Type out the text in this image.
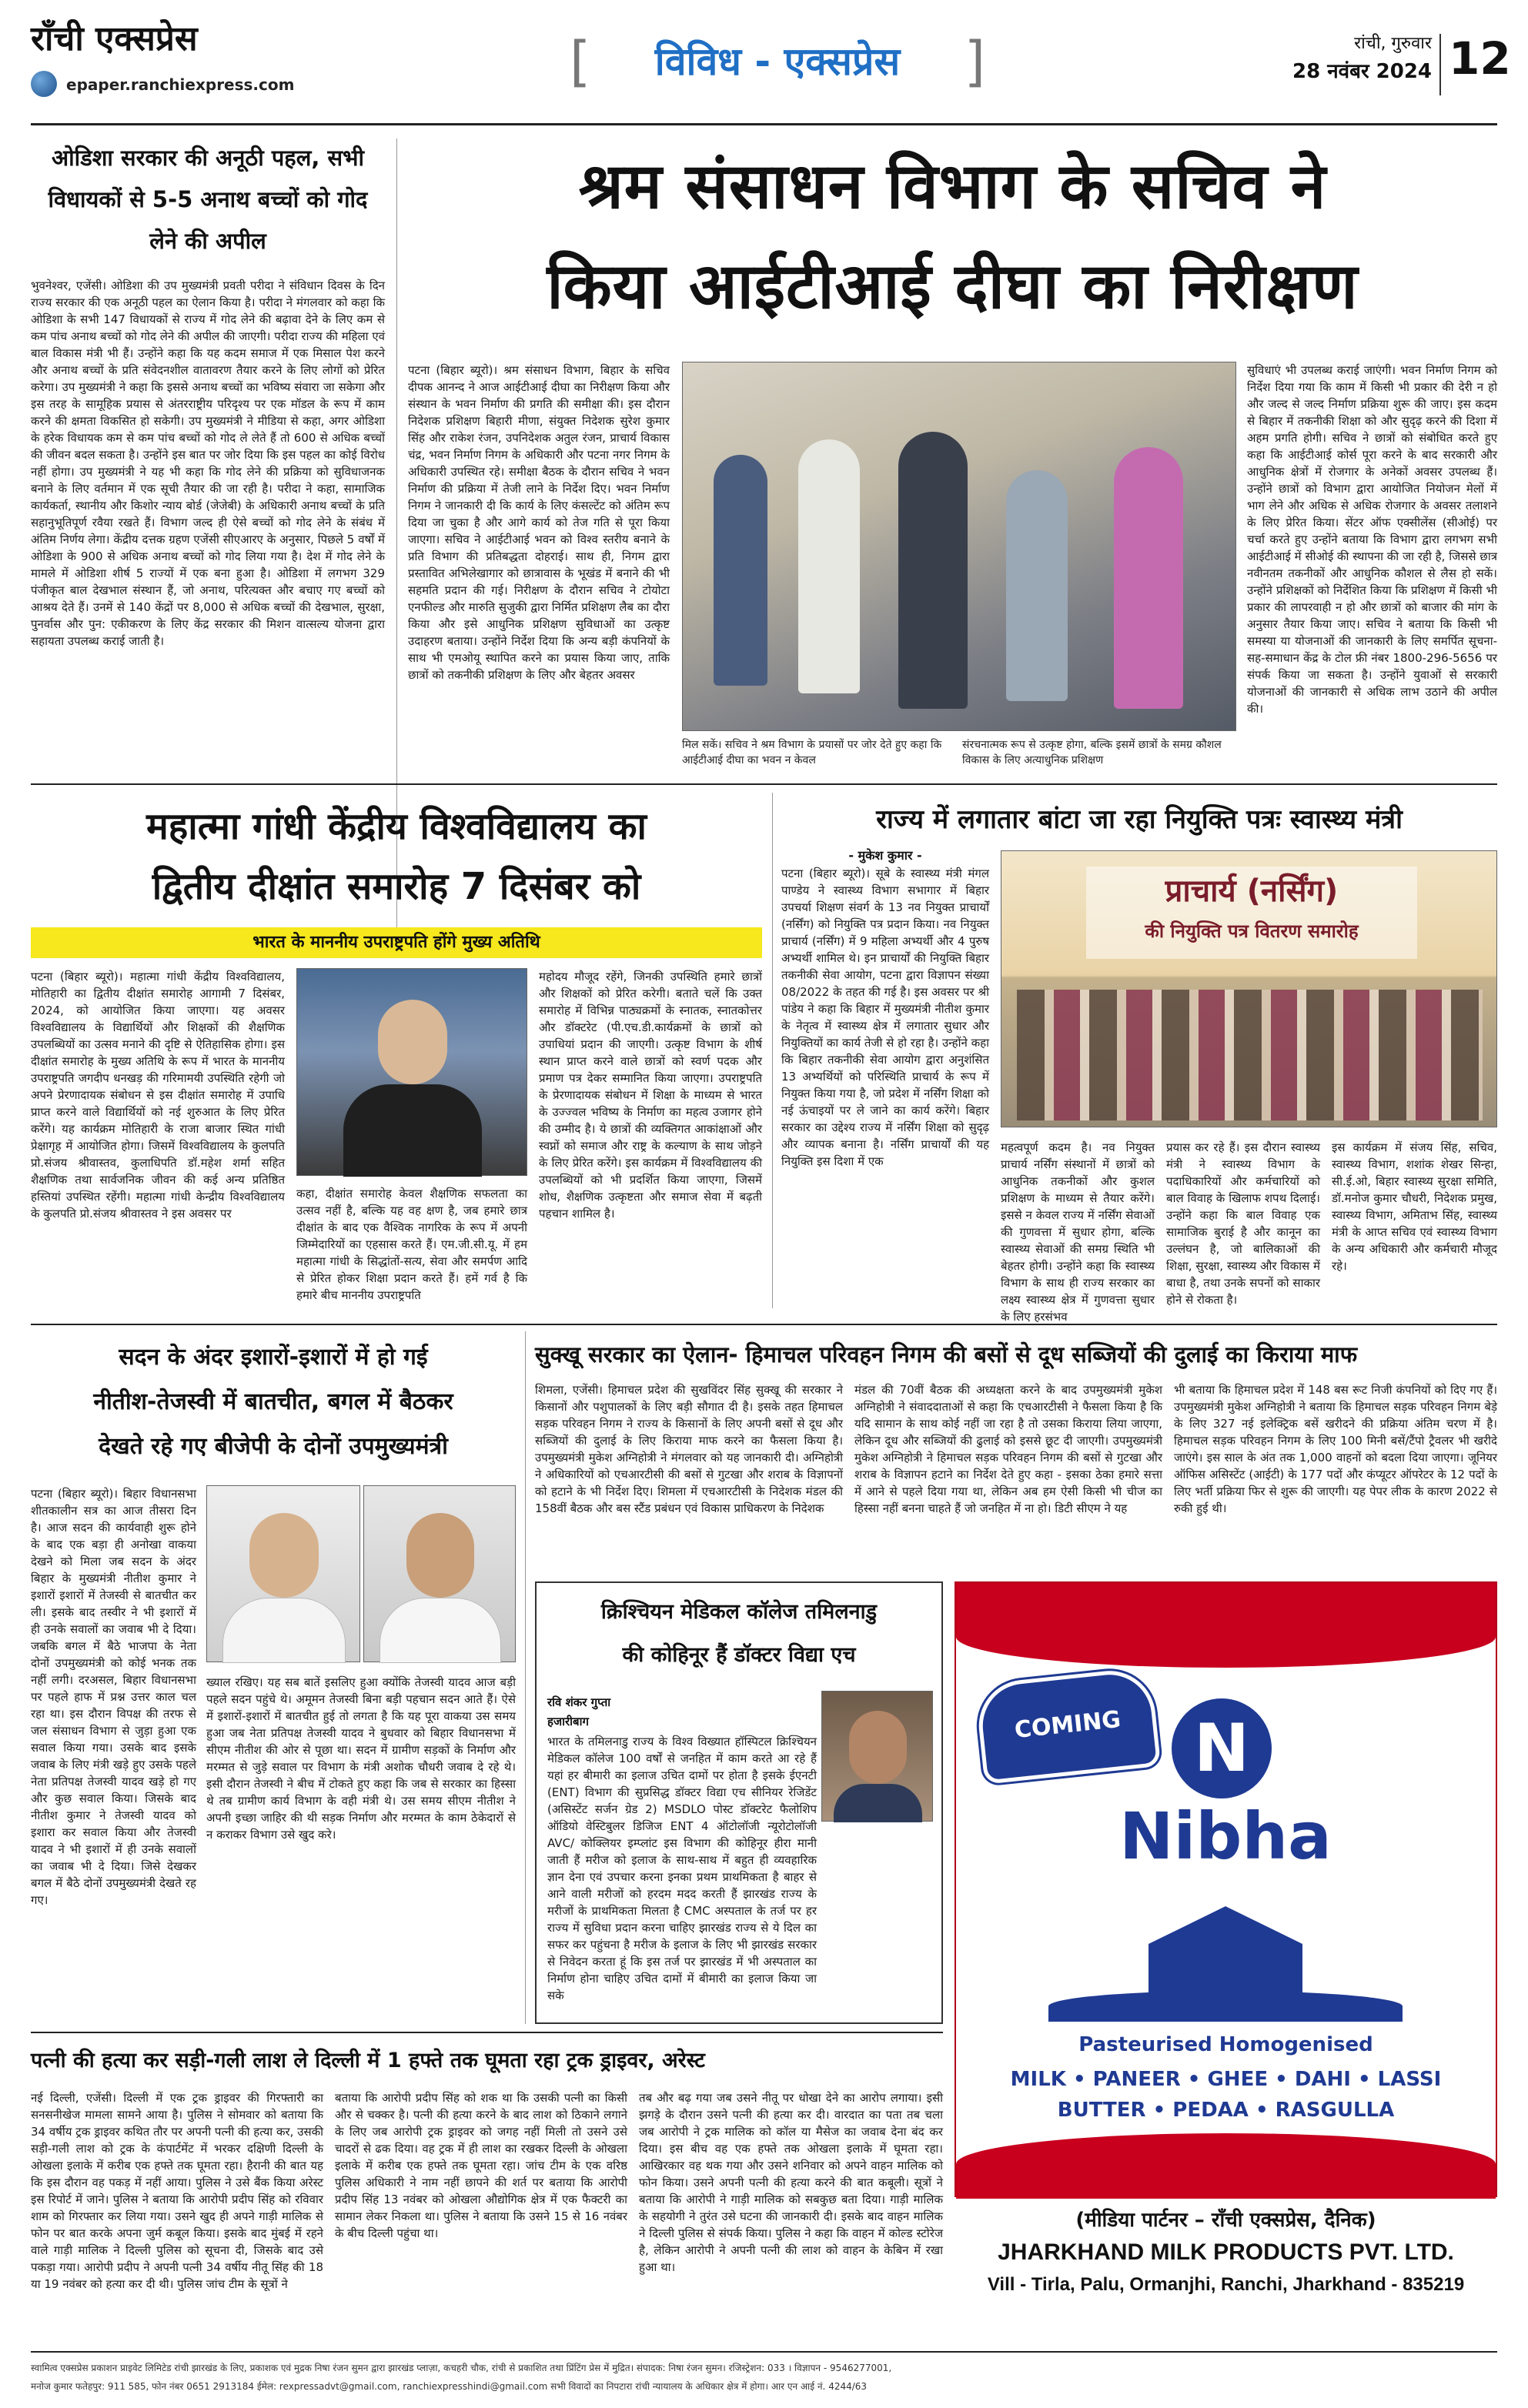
राँची एक्सप्रेस
epaper.ranchiexpress.com	[ विविध - एक्सप्रेस ]	रांची, गुरुवार
28 नवंबर 2024 12
ओडिशा सरकार की अनूठी पहल, सभी विधायकों से 5-5 अनाथ बच्चों को गोद लेने की अपील
भुवनेश्वर, एजेंसी। ओडिशा की उप मुख्यमंत्री प्रवती परीदा ने संविधान दिवस के दिन राज्य सरकार की एक अनूठी पहल का ऐलान किया है। परीदा ने मंगलवार को कहा कि ओडिशा के सभी 147 विधायकों से राज्य में गोद लेने की बढ़ावा देने के लिए कम से कम पांच अनाथ बच्चों को गोद लेने की अपील की जाएगी। परीदा राज्य की महिला एवं बाल विकास मंत्री भी हैं। उन्होंने कहा कि यह कदम समाज में एक मिसाल पेश करने और अनाथ बच्चों के प्रति संवेदनशील वातावरण तैयार करने के लिए लोगों को प्रेरित करेगा। उप मुख्यमंत्री ने कहा कि इससे अनाथ बच्चों का भविष्य संवारा जा सकेगा और इस तरह के सामूहिक प्रयास से अंतरराष्ट्रीय परिदृश्य पर एक मॉडल के रूप में काम करने की क्षमता विकसित हो सकेगी। उप मुख्यमंत्री ने मीडिया से कहा, अगर ओडिशा के हरेक विधायक कम से कम पांच बच्चों को गोद ले लेते हैं तो 600 से अधिक बच्चों की जीवन बदल सकता है। उन्होंने इस बात पर जोर दिया कि इस पहल का कोई विरोध नहीं होगा। उप मुख्यमंत्री ने यह भी कहा कि गोद लेने की प्रक्रिया को सुविधाजनक बनाने के लिए वर्तमान में एक सूची तैयार की जा रही है। परीदा ने कहा, सामाजिक कार्यकर्ता, स्थानीय और किशोर न्याय बोर्ड (जेजेबी) के अधिकारी अनाथ बच्चों के प्रति सहानुभूतिपूर्ण रवैया रखते हैं। विभाग जल्द ही ऐसे बच्चों को गोद लेने के संबंध में अंतिम निर्णय लेगा। केंद्रीय दत्तक ग्रहण एजेंसी सीएआरए के अनुसार, पिछले 5 वर्षों में ओडिशा के 900 से अधिक अनाथ बच्चों को गोद लिया गया है। देश में गोद लेने के मामले में ओडिशा शीर्ष 5 राज्यों में एक बना हुआ है। ओडिशा में लगभग 329 पंजीकृत बाल देखभाल संस्थान हैं, जो अनाथ, परित्यक्त और बचाए गए बच्चों को आश्रय देते हैं। उनमें से 140 केंद्रों पर 8,000 से अधिक बच्चों की देखभाल, सुरक्षा, पुनर्वास और पुन: एकीकरण के लिए केंद्र सरकार की मिशन वात्सल्य योजना द्वारा सहायता उपलब्ध कराई जाती है।
श्रम संसाधन विभाग के सचिव ने
किया आईटीआई दीघा का निरीक्षण
पटना (बिहार ब्यूरो)। श्रम संसाधन विभाग, बिहार के सचिव दीपक आनन्द ने आज आईटीआई दीघा का निरीक्षण किया और संस्थान के भवन निर्माण की प्रगति की समीक्षा की। इस दौरान निदेशक प्रशिक्षण बिहारी मीणा, संयुक्त निदेशक सुरेश कुमार सिंह और राकेश रंजन, उपनिदेशक अतुल रंजन, प्राचार्य विकास चंद्र, भवन निर्माण निगम के अधिकारी और पटना नगर निगम के अधिकारी उपस्थित रहे। समीक्षा बैठक के दौरान सचिव ने भवन निर्माण की प्रक्रिया में तेजी लाने के निर्देश दिए। भवन निर्माण निगम ने जानकारी दी कि कार्य के लिए कंसल्टेंट को अंतिम रूप दिया जा चुका है और आगे कार्य को तेज गति से पूरा किया जाएगा। सचिव ने आईटीआई भवन को विश्व स्तरीय बनाने के प्रति विभाग की प्रतिबद्धता दोहराई। साथ ही, निगम द्वारा प्रस्तावित अभिलेखागार को छात्रावास के भूखंड में बनाने की भी सहमति प्रदान की गई। निरीक्षण के दौरान सचिव ने टोयोटा एनफील्ड और मारुति सुजुकी द्वारा निर्मित प्रशिक्षण लैब का दौरा किया और इसे आधुनिक प्रशिक्षण सुविधाओं का उत्कृष्ट उदाहरण बताया। उन्होंने निर्देश दिया कि अन्य बड़ी कंपनियों के साथ भी एमओयू स्थापित करने का प्रयास किया जाए, ताकि छात्रों को तकनीकी प्रशिक्षण के लिए और बेहतर अवसर
मिल सकें। सचिव ने श्रम विभाग के प्रयासों पर जोर देते हुए कहा कि आईटीआई दीघा का भवन न केवल
संरचनात्मक रूप से उत्कृष्ट होगा, बल्कि इसमें छात्रों के समग्र कौशल विकास के लिए अत्याधुनिक प्रशिक्षण
सुविधाएं भी उपलब्ध कराई जाएंगी। भवन निर्माण निगम को निर्देश दिया गया कि काम में किसी भी प्रकार की देरी न हो और जल्द से जल्द निर्माण प्रक्रिया शुरू की जाए। इस कदम से बिहार में तकनीकी शिक्षा को और सुदृढ़ करने की दिशा में अहम प्रगति होगी। सचिव ने छात्रों को संबोधित करते हुए कहा कि आईटीआई कोर्स पूरा करने के बाद सरकारी और आधुनिक क्षेत्रों में रोजगार के अनेकों अवसर उपलब्ध हैं। उन्होंने छात्रों को विभाग द्वारा आयोजित नियोजन मेलों में भाग लेने और अधिक से अधिक रोजगार के अवसर तलाशने के लिए प्रेरित किया। सेंटर ऑफ एक्सीलेंस (सीओई) पर चर्चा करते हुए उन्होंने बताया कि विभाग द्वारा लगभग सभी आईटीआई में सीओई की स्थापना की जा रही है, जिससे छात्र नवीनतम तकनीकों और आधुनिक कौशल से लैस हो सकें। उन्होंने प्रशिक्षकों को निर्देशित किया कि प्रशिक्षण में किसी भी प्रकार की लापरवाही न हो और छात्रों को बाजार की मांग के अनुसार तैयार किया जाए। सचिव ने बताया कि किसी भी समस्या या योजनाओं की जानकारी के लिए समर्पित सूचना-सह-समाधान केंद्र के टोल फ्री नंबर 1800-296-5656 पर संपर्क किया जा सकता है। उन्होंने युवाओं से सरकारी योजनाओं की जानकारी से अधिक लाभ उठाने की अपील की।
महात्मा गांधी केंद्रीय विश्वविद्यालय का
द्वितीय दीक्षांत समारोह 7 दिसंबर को
भारत के माननीय उपराष्ट्रपति होंगे मुख्य अतिथि
पटना (बिहार ब्यूरो)। महात्मा गांधी केंद्रीय विश्वविद्यालय, मोतिहारी का द्वितीय दीक्षांत समारोह आगामी 7 दिसंबर, 2024, को आयोजित किया जाएगा। यह अवसर विश्वविद्यालय के विद्यार्थियों और शिक्षकों की शैक्षणिक उपलब्धियों का उत्सव मनाने की दृष्टि से ऐतिहासिक होगा। इस दीक्षांत समारोह के मुख्य अतिथि के रूप में भारत के माननीय उपराष्ट्रपति जगदीप धनखड़ की गरिमामयी उपस्थिति रहेगी जो अपने प्रेरणादायक संबोधन से इस दीक्षांत समारोह में उपाधि प्राप्त करने वाले विद्यार्थियों को नई शुरुआत के लिए प्रेरित करेंगे। यह कार्यक्रम मोतिहारी के राजा बाजार स्थित गांधी प्रेक्षागृह में आयोजित होगा। जिसमें विश्वविद्यालय के कुलपति प्रो.संजय श्रीवास्तव, कुलाधिपति डॉ.महेश शर्मा सहित शैक्षणिक तथा सार्वजनिक जीवन की कई अन्य प्रतिष्ठित हस्तियां उपस्थित रहेंगी। महात्मा गांधी केन्द्रीय विश्वविद्यालय के कुलपति प्रो.संजय श्रीवास्तव ने इस अवसर पर
कहा, दीक्षांत समारोह केवल शैक्षणिक सफलता का उत्सव नहीं है, बल्कि यह वह क्षण है, जब हमारे छात्र दीक्षांत के बाद एक वैश्विक नागरिक के रूप में अपनी जिम्मेदारियों का एहसास करते हैं। एम.जी.सी.यू. में हम महात्मा गांधी के सिद्धांतों-सत्य, सेवा और समर्पण आदि से प्रेरित होकर शिक्षा प्रदान करते हैं। हमें गर्व है कि हमारे बीच माननीय उपराष्ट्रपति
महोदय मौजूद रहेंगे, जिनकी उपस्थिति हमारे छात्रों और शिक्षकों को प्रेरित करेगी। बताते चलें कि उक्त समारोह में विभिन्न पाठ्यक्रमों के स्नातक, स्नातकोत्तर और डॉक्टरेट (पी.एच.डी.कार्यक्रमों के छात्रों को उपाधियां प्रदान की जाएगी। उत्कृष्ट विभाग के शीर्ष स्थान प्राप्त करने वाले छात्रों को स्वर्ण पदक और प्रमाण पत्र देकर सम्मानित किया जाएगा। उपराष्ट्रपति के प्रेरणादायक संबोधन में शिक्षा के माध्यम से भारत के उज्ज्वल भविष्य के निर्माण का महत्व उजागर होने की उम्मीद है। ये छात्रों की व्यक्तिगत आकांक्षाओं और स्वप्नों को समाज और राष्ट्र के कल्याण के साथ जोड़ने के लिए प्रेरित करेंगे। इस कार्यक्रम में विश्वविद्यालय की उपलब्धियों को भी प्रदर्शित किया जाएगा, जिसमें शोध, शैक्षणिक उत्कृष्टता और समाज सेवा में बढ़ती पहचान शामिल है।
राज्य में लगातार बांटा जा रहा नियुक्ति पत्रः स्वास्थ्य मंत्री
- मुकेश कुमार -
पटना (बिहार ब्यूरो)। सूबे के स्वास्थ्य मंत्री मंगल पाण्डेय ने स्वास्थ्य विभाग सभागार में बिहार उपचर्या शिक्षण संवर्ग के 13 नव नियुक्त प्राचार्यों (नर्सिंग) को नियुक्ति पत्र प्रदान किया। नव नियुक्त प्राचार्य (नर्सिंग) में 9 महिला अभ्यर्थी और 4 पुरुष अभ्यर्थी शामिल थे। इन प्राचार्यों की नियुक्ति बिहार तकनीकी सेवा आयोग, पटना द्वारा विज्ञापन संख्या 08/2022 के तहत की गई है। इस अवसर पर श्री पांडेय ने कहा कि बिहार में मुख्यमंत्री नीतीश कुमार के नेतृत्व में स्वास्थ्य क्षेत्र में लगातार सुधार और नियुक्तियों का कार्य तेजी से हो रहा है। उन्होंने कहा कि बिहार तकनीकी सेवा आयोग द्वारा अनुशंसित 13 अभ्यर्थियों को परिस्थिति प्राचार्य के रूप में नियुक्त किया गया है, जो प्रदेश में नर्सिंग शिक्षा को नई ऊंचाइयों पर ले जाने का कार्य करेंगे। बिहार सरकार का उद्देश्य राज्य में नर्सिंग शिक्षा को सुदृढ़ और व्यापक बनाना है। नर्सिंग प्राचार्यों की यह नियुक्ति इस दिशा में एक
प्राचार्य (नर्सिंग)
की नियुक्ति पत्र वितरण समारोह
महत्वपूर्ण कदम है। नव नियुक्त प्राचार्य नर्सिंग संस्थानों में छात्रों को आधुनिक तकनीकों और कुशल प्रशिक्षण के माध्यम से तैयार करेंगे। इससे न केवल राज्य में नर्सिंग सेवाओं की गुणवत्ता में सुधार होगा, बल्कि स्वास्थ्य सेवाओं की समग्र स्थिति भी बेहतर होगी। उन्होंने कहा कि स्वास्थ्य विभाग के साथ ही राज्य सरकार का लक्ष्य स्वास्थ्य क्षेत्र में गुणवत्ता सुधार के लिए हरसंभव
प्रयास कर रहे हैं। इस दौरान स्वास्थ्य मंत्री ने स्वास्थ्य विभाग के पदाधिकारियों और कर्मचारियों को बाल विवाह के खिलाफ शपथ दिलाई। उन्होंने कहा कि बाल विवाह एक सामाजिक बुराई है और कानून का उल्लंघन है, जो बालिकाओं की शिक्षा, सुरक्षा, स्वास्थ्य और विकास में बाधा है, तथा उनके सपनों को साकार होने से रोकता है।
इस कार्यक्रम में संजय सिंह, सचिव, स्वास्थ्य विभाग, शशांक शेखर सिन्हा, सी.ई.ओ, बिहार स्वास्थ्य सुरक्षा समिति, डॉ.मनोज कुमार चौधरी, निदेशक प्रमुख, स्वास्थ्य विभाग, अमिताभ सिंह, स्वास्थ्य मंत्री के आप्त सचिव एवं स्वास्थ्य विभाग के अन्य अधिकारी और कर्मचारी मौजूद रहे।
सदन के अंदर इशारों-इशारों में हो गई
नीतीश-तेजस्वी में बातचीत, बगल में बैठकर
देखते रहे गए बीजेपी के दोनों उपमुख्यमंत्री
पटना (बिहार ब्यूरो)। बिहार विधानसभा शीतकालीन सत्र का आज तीसरा दिन है। आज सदन की कार्यवाही शुरू होने के बाद एक बड़ा ही अनोखा वाकया देखने को मिला जब सदन के अंदर बिहार के मुख्यमंत्री नीतीश कुमार ने इशारों इशारों में तेजस्वी से बातचीत कर ली। इसके बाद तस्वीर ने भी इशारों में ही उनके सवालों का जवाब भी दे दिया। जबकि बगल में बैठे भाजपा के नेता दोनों उपमुख्यमंत्री को कोई भनक तक नहीं लगी। दरअसल, बिहार विधानसभा पर पहले हाफ में प्रश्न उत्तर काल चल रहा था। इस दौरान विपक्ष की तरफ से जल संसाधन विभाग से जुड़ा हुआ एक सवाल किया गया। उसके बाद इसके जवाब के लिए मंत्री खड़े हुए उसके पहले नेता प्रतिपक्ष तेजस्वी यादव खड़े हो गए और कुछ सवाल किया। जिसके बाद नीतीश कुमार ने तेजस्वी यादव को इशारा कर सवाल किया और तेजस्वी यादव ने भी इशारों में ही उनके सवालों का जवाब भी दे दिया। जिसे देखकर बगल में बैठे दोनों उपमुख्यमंत्री देखते रह गए।
ख्याल रखिए। यह सब बातें इसलिए हुआ क्योंकि तेजस्वी यादव आज बड़ी पहले सदन पहुंचे थे। अमूमन तेजस्वी बिना बड़ी पहचान सदन आते हैं। ऐसे में इशारों-इशारों में बातचीत हुई तो लगता है कि यह पूरा वाकया उस समय हुआ जब नेता प्रतिपक्ष तेजस्वी यादव ने बुधवार को बिहार विधानसभा में सीएम नीतीश की ओर से पूछा था। सदन में ग्रामीण सड़कों के निर्माण और मरम्मत से जुड़े सवाल पर विभाग के मंत्री अशोक चौधरी जवाब दे रहे थे। इसी दौरान तेजस्वी ने बीच में टोकते हुए कहा कि जब से सरकार का हिस्सा थे तब ग्रामीण कार्य विभाग के वही मंत्री थे। उस समय सीएम नीतीश ने अपनी इच्छा जाहिर की थी सड़क निर्माण और मरम्मत के काम ठेकेदारों से न कराकर विभाग उसे खुद करे।
सुक्खू सरकार का ऐलान- हिमाचल परिवहन निगम की बसों से दूध सब्जियों की दुलाई का किराया माफ
शिमला, एजेंसी। हिमाचल प्रदेश की सुखविंदर सिंह सुक्खू की सरकार ने किसानों और पशुपालकों के लिए बड़ी सौगात दी है। इसके तहत हिमाचल सड़क परिवहन निगम ने राज्य के किसानों के लिए अपनी बसों से दूध और सब्जियों की दुलाई के लिए किराया माफ करने का फैसला किया है। उपमुख्यमंत्री मुकेश अग्निहोत्री ने मंगलवार को यह जानकारी दी। अग्निहोत्री ने अधिकारियों को एचआरटीसी की बसों से गुटखा और शराब के विज्ञापनों को हटाने के भी निर्देश दिए। शिमला में एचआरटीसी के निदेशक मंडल की 158वीं बैठक और बस स्टैंड प्रबंधन एवं विकास प्राधिकरण के निदेशक
मंडल की 70वीं बैठक की अध्यक्षता करने के बाद उपमुख्यमंत्री मुकेश अग्निहोत्री ने संवाददाताओं से कहा कि एचआरटीसी ने फैसला किया है कि यदि सामान के साथ कोई नहीं जा रहा है तो उसका किराया लिया जाएगा, लेकिन दूध और सब्जियों की ढुलाई को इससे छूट दी जाएगी। उपमुख्यमंत्री मुकेश अग्निहोत्री ने हिमाचल सड़क परिवहन निगम की बसों से गुटखा और शराब के विज्ञापन हटाने का निर्देश देते हुए कहा - इसका ठेका हमारे सत्ता में आने से पहले दिया गया था, लेकिन अब हम ऐसी किसी भी चीज का हिस्सा नहीं बनना चाहते हैं जो जनहित में ना हो। डिटी सीएम ने यह
भी बताया कि हिमाचल प्रदेश में 148 बस रूट निजी कंपनियों को दिए गए हैं। उपमुख्यमंत्री मुकेश अग्निहोत्री ने बताया कि हिमाचल सड़क परिवहन निगम बेड़े के लिए 327 नई इलेक्ट्रिक बसें खरीदने की प्रक्रिया अंतिम चरण में है। हिमाचल सड़क परिवहन निगम के लिए 100 मिनी बसें/टैंपो ट्रैवलर भी खरीदे जाएंगे। इस साल के अंत तक 1,000 वाहनों को बदला दिया जाएगा। जूनियर ऑफिस असिस्टेंट (आईटी) के 177 पदों और कंप्यूटर ऑपरेटर के 12 पदों के लिए भर्ती प्रक्रिया फिर से शुरू की जाएगी। यह पेपर लीक के कारण 2022 से रुकी हुई थी।
क्रिश्चियन मेडिकल कॉलेज तमिलनाडु
की कोहिनूर हैं डॉक्टर विद्या एच
रवि शंकर गुप्ता
हजारीबाग
भारत के तमिलनाडु राज्य के विश्व विख्यात हॉस्पिटल क्रिश्चियन मेडिकल कॉलेज 100 वर्षों से जनहित में काम करते आ रहे हैं यहां हर बीमारी का इलाज उचित दामों पर होता है इसके ईएनटी (ENT) विभाग की सुप्रसिद्ध डॉक्टर विद्या एच सीनियर रेजिडेंट (असिस्टेंट सर्जन ग्रेड 2) MSDLO पोस्ट डॉक्टरेट फैलोशिप ऑडियो वेस्टिबुलर डिजिज ENT 4 ऑटोलॉजी न्यूरोटोलॉजी AVC/ कोक्लियर इम्प्लांट इस विभाग की कोहिनूर हीरा मानी जाती हैं मरीज को इलाज के साथ-साथ में बहुत ही व्यवहारिक ज्ञान देना एवं उपचार करना इनका प्रथम प्राथमिकता है बाहर से आने वाली मरीजों को हरदम मदद करती हैं झारखंड राज्य के मरीजों के प्राथमिकता मिलता है CMC अस्पताल के तर्ज पर हर राज्य में सुविधा प्रदान करना चाहिए झारखंड राज्य से ये दिल का सफर कर पहुंचना है मरीज के इलाज के लिए भी झारखंड सरकार से निवेदन करता हूं कि इस तर्ज पर झारखंड में भी अस्पताल का निर्माण होना चाहिए उचित दामों में बीमारी का इलाज किया जा सके
COMING SOON
N
Nibha
Pasteurised Homogenised
MILK • PANEER • GHEE • DAHI • LASSI
BUTTER • PEDAA • RASGULLA
(मीडिया पार्टनर – राँची एक्सप्रेस, दैनिक)
JHARKHAND MILK PRODUCTS PVT. LTD.
Vill - Tirla, Palu, Ormanjhi, Ranchi, Jharkhand - 835219
पत्नी की हत्या कर सड़ी-गली लाश ले दिल्ली में 1 हफ्ते तक घूमता रहा ट्रक ड्राइवर, अरेस्ट
नई दिल्ली, एजेंसी। दिल्ली में एक ट्रक ड्राइवर की गिरफ्तारी का सनसनीखेज मामला सामने आया है। पुलिस ने सोमवार को बताया कि 34 वर्षीय ट्रक ड्राइवर कथित तौर पर अपनी पत्नी की हत्या कर, उसकी सड़ी-गली लाश को ट्रक के कंपार्टमेंट में भरकर दक्षिणी दिल्ली के ओखला इलाके में करीब एक हफ्ते तक घूमता रहा। हैरानी की बात यह कि इस दौरान वह पकड़ में नहीं आया। पुलिस ने उसे बैंक किया अरेस्ट इस रिपोर्ट में जाने। पुलिस ने बताया कि आरोपी प्रदीप सिंह को रविवार शाम को गिरफ्तार कर लिया गया। उसने खुद ही अपने गाड़ी मालिक से फोन पर बात करके अपना जुर्म कबूल किया। इसके बाद मुंबई में रहने वाले गाड़ी मालिक ने दिल्ली पुलिस को सूचना दी, जिसके बाद उसे पकड़ा गया। आरोपी प्रदीप ने अपनी पत्नी 34 वर्षीय नीतू सिंह की 18 या 19 नवंबर को हत्या कर दी थी। पुलिस जांच टीम के सूत्रों ने
बताया कि आरोपी प्रदीप सिंह को शक था कि उसकी पत्नी का किसी और से चक्कर है। पत्नी की हत्या करने के बाद लाश को ठिकाने लगाने के लिए जब आरोपी ट्रक ड्राइवर को जगह नहीं मिली तो उसने उसे चादरों से ढक दिया। वह ट्रक में ही लाश का रखकर दिल्ली के ओखला इलाके में करीब एक हफ्ते तक घूमता रहा। जांच टीम के एक वरिष्ठ पुलिस अधिकारी ने नाम नहीं छापने की शर्त पर बताया कि आरोपी प्रदीप सिंह 13 नवंबर को ओखला औद्योगिक क्षेत्र में एक फैक्टरी का सामान लेकर निकला था। पुलिस ने बताया कि उसने 15 से 16 नवंबर के बीच दिल्ली पहुंचा था।
तब और बढ़ गया जब उसने नीतू पर धोखा देने का आरोप लगाया। इसी झगड़े के दौरान उसने पत्नी की हत्या कर दी। वारदात का पता तब चला जब आरोपी ने ट्रक मालिक को कॉल या मैसेज का जवाब देना बंद कर दिया। इस बीच वह एक हफ्ते तक ओखला इलाके में घूमता रहा। आखिरकार वह थक गया और उसने शनिवार को अपने वाहन मालिक को फोन किया। उसने अपनी पत्नी की हत्या करने की बात कबूली। सूत्रों ने बताया कि आरोपी ने गाड़ी मालिक को सबकुछ बता दिया। गाड़ी मालिक के सहयोगी ने तुरंत उसे घटना की जानकारी दी। इसके बाद वाहन मालिक ने दिल्ली पुलिस से संपर्क किया। पुलिस ने कहा कि वाहन में कोल्ड स्टोरेज है, लेकिन आरोपी ने अपनी पत्नी की लाश को वाहन के केबिन में रखा हुआ था।
स्वामित्व एक्सप्रेस प्रकाशन प्राइवेट लिमिटेड रांची झारखंड के लिए, प्रकाशक एवं मुद्रक निषा रंजन सुमन द्वारा झारखंड प्लाज़ा, कचहरी चौक, रांची से प्रकाशित तथा प्रिंटिंग प्रेस में मुद्रित। संपादक: निषा रंजन सुमन। रजिस्ट्रेशन: 033 । विज्ञापन - 9546277001,
मनोज कुमार फतेहपुर: 911 585, फोन नंबर 0651 2913184 ईमेल: rexpressadvt@gmail.com, ranchiexpresshindi@gmail.com सभी विवादों का निपटारा रांची न्यायालय के अधिकार क्षेत्र में होगा। आर एन आई नं. 4244/63
